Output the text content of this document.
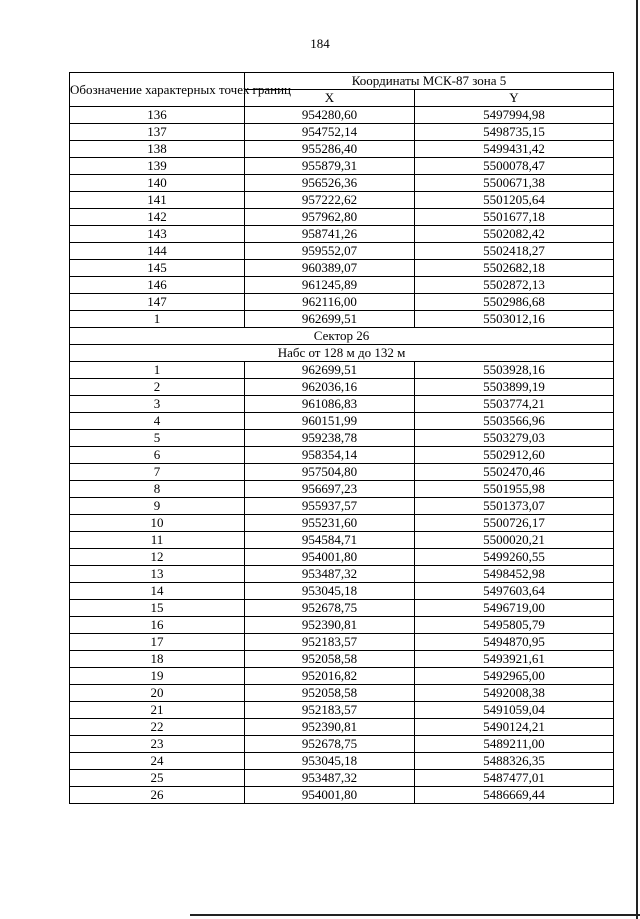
184
Обозначение характерных точек границ	Координаты МСК-87 зона 5	
	X	Y
136	954280,60	5497994,98
137	954752,14	5498735,15
138	955286,40	5499431,42
139	955879,31	5500078,47
140	956526,36	5500671,38
141	957222,62	5501205,64
142	957962,80	5501677,18
143	958741,26	5502082,42
144	959552,07	5502418,27
145	960389,07	5502682,18
146	961245,89	5502872,13
147	962116,00	5502986,68
1	962699,51	5503012,16
Сектор 26		
Набс от 128 м до 132 м		
1	962699,51	5503928,16
2	962036,16	5503899,19
3	961086,83	5503774,21
4	960151,99	5503566,96
5	959238,78	5503279,03
6	958354,14	5502912,60
7	957504,80	5502470,46
8	956697,23	5501955,98
9	955937,57	5501373,07
10	955231,60	5500726,17
11	954584,71	5500020,21
12	954001,80	5499260,55
13	953487,32	5498452,98
14	953045,18	5497603,64
15	952678,75	5496719,00
16	952390,81	5495805,79
17	952183,57	5494870,95
18	952058,58	5493921,61
19	952016,82	5492965,00
20	952058,58	5492008,38
21	952183,57	5491059,04
22	952390,81	5490124,21
23	952678,75	5489211,00
24	953045,18	5488326,35
25	953487,32	5487477,01
26	954001,80	5486669,44
